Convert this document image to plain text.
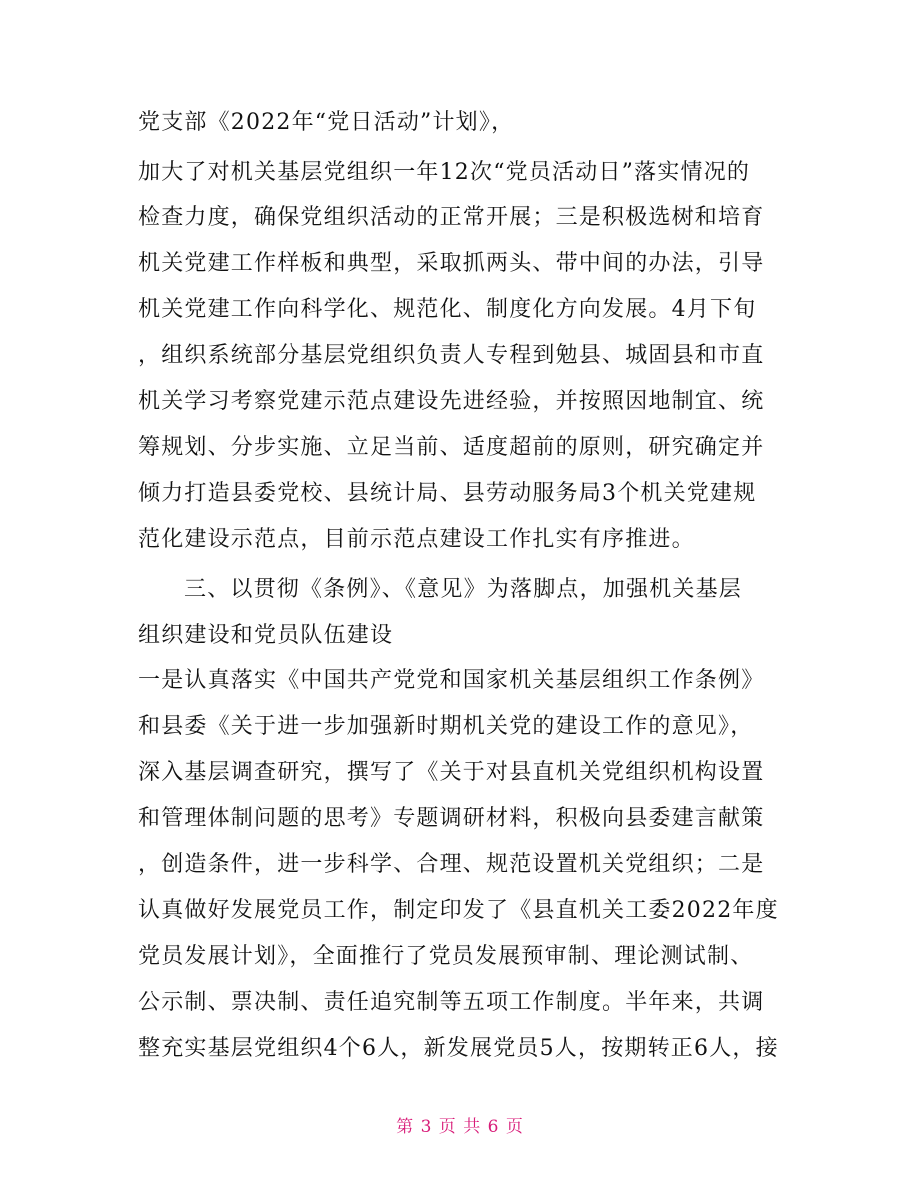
党支部《2022年“党日活动”计划》，
加大了对机关基层党组织一年12次“党员活动日”落实情况的
检查力度，确保党组织活动的正常开展；三是积极选树和培育
机关党建工作样板和典型，采取抓两头、带中间的办法，引导
机关党建工作向科学化、规范化、制度化方向发展。4月下旬
，组织系统部分基层党组织负责人专程到勉县、城固县和市直
机关学习考察党建示范点建设先进经验，并按照因地制宜、统
筹规划、分步实施、立足当前、适度超前的原则，研究确定并
倾力打造县委党校、县统计局、县劳动服务局3个机关党建规
范化建设示范点，目前示范点建设工作扎实有序推进。
三、以贯彻《条例》、《意见》为落脚点，加强机关基层
组织建设和党员队伍建设
一是认真落实《中国共产党党和国家机关基层组织工作条例》
和县委《关于进一步加强新时期机关党的建设工作的意见》，
深入基层调查研究，撰写了《关于对县直机关党组织机构设置
和管理体制问题的思考》专题调研材料，积极向县委建言献策
，创造条件，进一步科学、合理、规范设置机关党组织；二是
认真做好发展党员工作，制定印发了《县直机关工委2022年度
党员发展计划》，全面推行了党员发展预审制、理论测试制、
公示制、票决制、责任追究制等五项工作制度。半年来，共调
整充实基层党组织4个6人，新发展党员5人，按期转正6人，接
第 3 页 共 6 页
